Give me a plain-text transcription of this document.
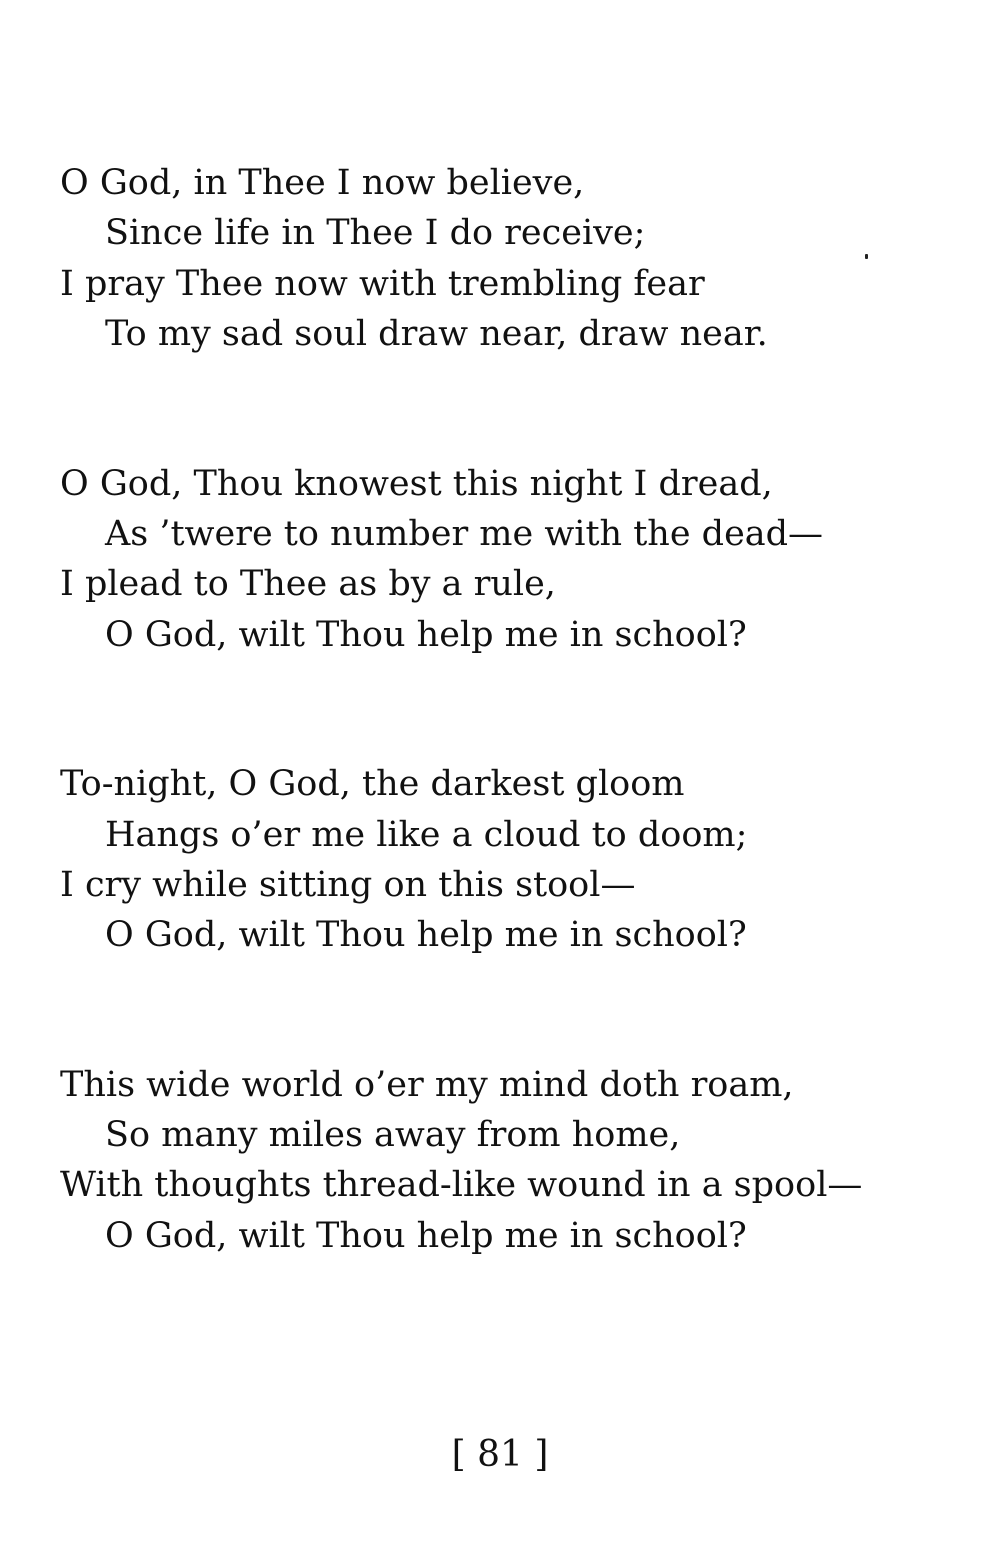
O God, in Thee I now believe,
Since life in Thee I do receive;
I pray Thee now with trembling fear
To my sad soul draw near, draw near.
O God, Thou knowest this night I dread,
As ’twere to number me with the dead—
I plead to Thee as by a rule,
O God, wilt Thou help me in school?
To-night, O God, the darkest gloom
Hangs o’er me like a cloud to doom;
I cry while sitting on this stool—
O God, wilt Thou help me in school?
This wide world o’er my mind doth roam,
So many miles away from home,
With thoughts thread-like wound in a spool—
O God, wilt Thou help me in school?
[ 81 ]
